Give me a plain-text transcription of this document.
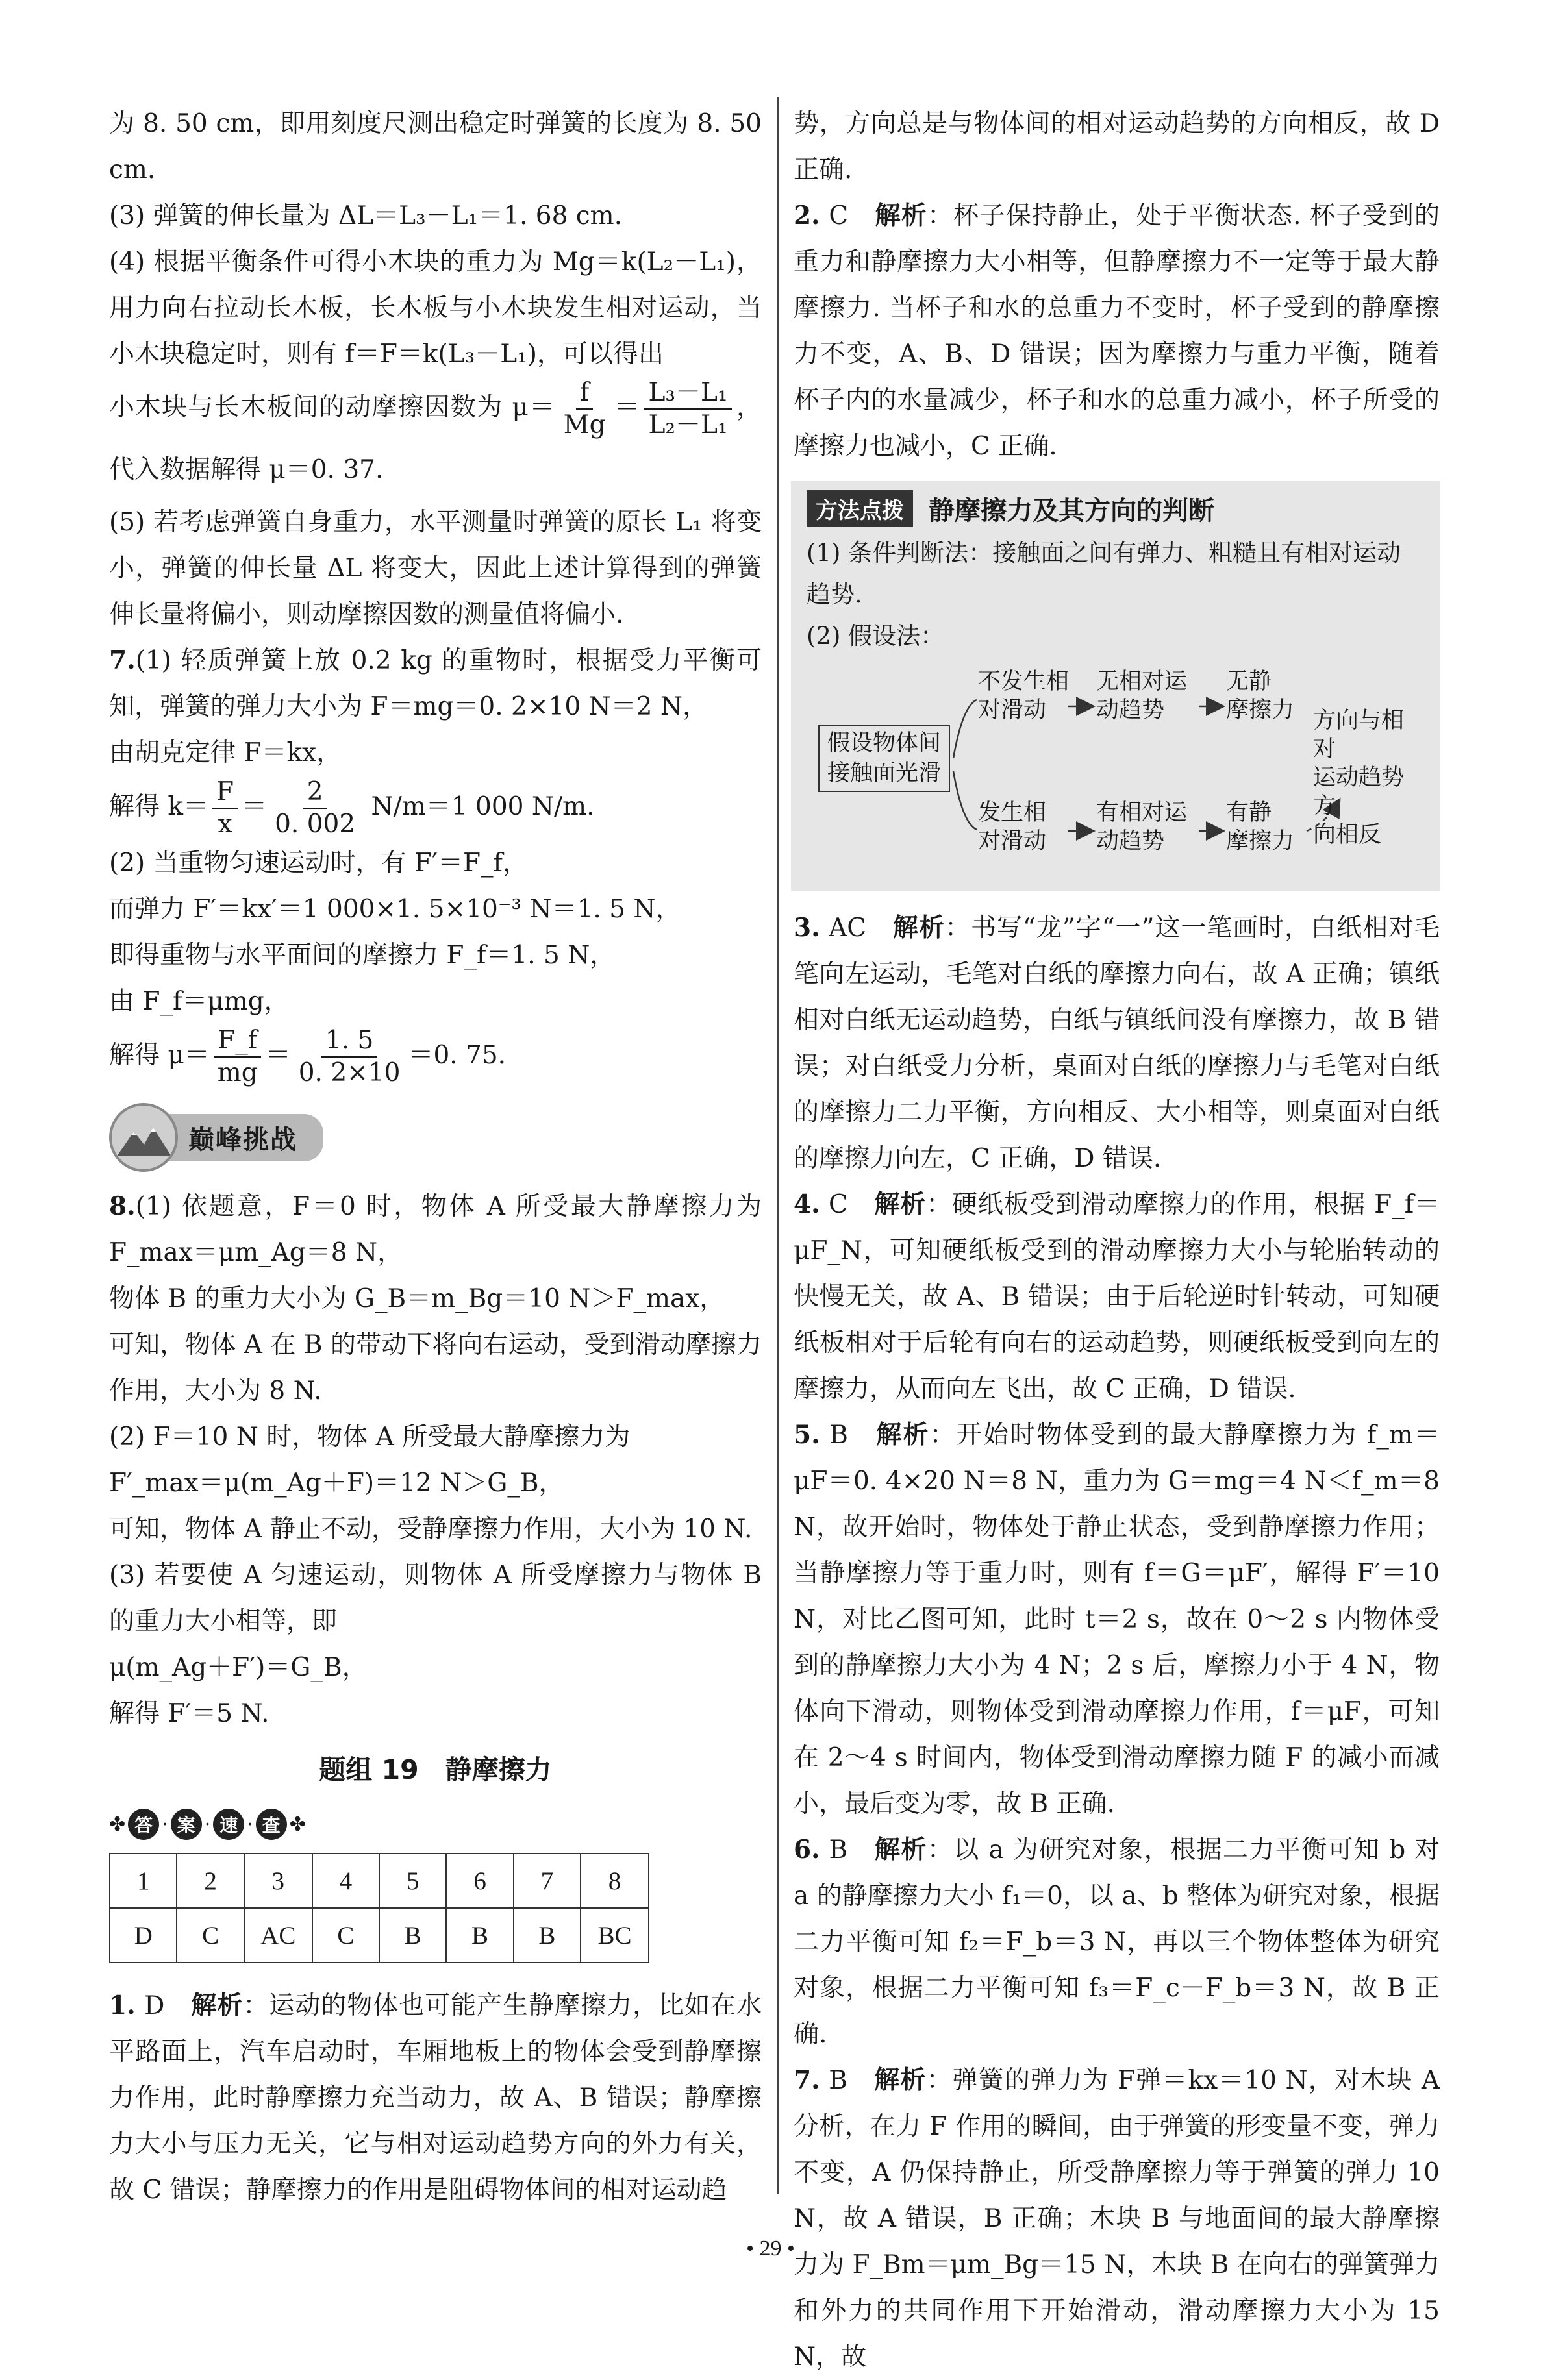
为 8. 50 cm，即用刻度尺测出稳定时弹簧的长度为 8. 50 cm.

(3) 弹簧的伸长量为 ΔL＝L₃－L₁＝1. 68 cm.

(4) 根据平衡条件可得小木块的重力为 Mg＝k(L₂－L₁)，用力向右拉动长木板，长木板与小木块发生相对运动，当小木块稳定时，则有 f＝F＝k(L₃－L₁)，可以得出

小木块与长木板间的动摩擦因数为 $\mu= \frac{f}{Mg} = \frac{\text{L₃－L₁}}{\text{L₂－L₁}}$ ，代入数据解得 μ＝0. 37.

(5) 若考虑弹簧自身重力，水平测量时弹簧的原长 L₁ 将变小，弹簧的伸长量 ΔL 将变大，因此上述计算得到的弹簧伸长量将偏小，则动摩擦因数的测量值将偏小.

7.(1) 轻质弹簧上放 0.2 kg 的重物时，根据受力平衡可知，弹簧的弹力大小为 F＝mg＝0. 2×10 N＝2 N，

由胡克定律 F＝kx，

解得 $k= \frac{F}{x} = \frac{2}{0. 002} N/m=1$ 000 N/m.

(2) 当重物匀速运动时，有 F′＝F_f，

而弹力 F′＝kx′＝1 000×1. 5×10⁻³ N＝1. 5 N，

即得重物与水平面间的摩擦力 F_f＝1. 5 N，

由 F_f＝μmg，

解得 $\mu= \frac{F\_f}{mg} = \frac{1. 5}{0. 2\times 10} =0$. 75.

巅峰挑战

8.(1) 依题意，F＝0 时，物体 A 所受最大静摩擦力为 F_max＝μm_Ag＝8 N，

物体 B 的重力大小为 G_B＝m_Bg＝10 N＞F_max，

可知，物体 A 在 B 的带动下将向右运动，受到滑动摩擦力作用，大小为 8 N.

(2) F＝10 N 时，物体 A 所受最大静摩擦力为

F′_max＝μ(m_Ag＋F)＝12 N＞G_B，

可知，物体 A 静止不动，受静摩擦力作用，大小为 10 N.

(3) 若要使 A 匀速运动，则物体 A 所受摩擦力与物体 B 的重力大小相等，即

μ(m_Ag＋F′)＝G_B，

解得 F′＝5 N.

题组 19　静摩擦力
✤ 答 · 案 · 速 · 查 ✤
1	2	3	4	5	6	7	8
D	C	AC	C	B	B	B	BC

1. D　 解析：运动的物体也可能产生静摩擦力，比如在水平路面上，汽车启动时，车厢地板上的物体会受到静摩擦力作用，此时静摩擦力充当动力，故 A、B 错误；静摩擦力大小与压力无关，它与相对运动趋势方向的外力有关，故 C 错误；静摩擦力的作用是阻碍物体间的相对运动趋

势，方向总是与物体间的相对运动趋势的方向相反，故 D 正确.

2. C　 解析：杯子保持静止，处于平衡状态. 杯子受到的重力和静摩擦力大小相等，但静摩擦力不一定等于最大静摩擦力. 当杯子和水的总重力不变时，杯子受到的静摩擦力不变，A、B、D 错误；因为摩擦力与重力平衡，随着杯子内的水量减少，杯子和水的总重力减小，杯子所受的摩擦力也减小，C 正确.

方法点拨 静摩擦力及其方向的判断

(1) 条件判断法：接触面之间有弹力、粗糙且有相对运动趋势.

(2) 假设法：

假设物体间
接触面光滑
不发生相
对滑动
无相对运
动趋势
无静
摩擦力
发生相
对滑动
有相对运
动趋势
有静
摩擦力
方向与相对
运动趋势方
向相反

3. AC　 解析：书写“龙”字“一”这一笔画时，白纸相对毛笔向左运动，毛笔对白纸的摩擦力向右，故 A 正确；镇纸相对白纸无运动趋势，白纸与镇纸间没有摩擦力，故 B 错误；对白纸受力分析，桌面对白纸的摩擦力与毛笔对白纸的摩擦力二力平衡，方向相反、大小相等，则桌面对白纸的摩擦力向左，C 正确，D 错误.

4. C　 解析：硬纸板受到滑动摩擦力的作用，根据 F_f＝μF_N，可知硬纸板受到的滑动摩擦力大小与轮胎转动的快慢无关，故 A、B 错误；由于后轮逆时针转动，可知硬纸板相对于后轮有向右的运动趋势，则硬纸板受到向左的摩擦力，从而向左飞出，故 C 正确，D 错误.

5. B　 解析：开始时物体受到的最大静摩擦力为 f_m＝μF＝0. 4×20 N＝8 N，重力为 G＝mg＝4 N＜f_m＝8 N，故开始时，物体处于静止状态，受到静摩擦力作用；当静摩擦力等于重力时，则有 f＝G＝μF′，解得 F′＝10 N，对比乙图可知，此时 t＝2 s，故在 0～2 s 内物体受到的静摩擦力大小为 4 N；2 s 后，摩擦力小于 4 N，物体向下滑动，则物体受到滑动摩擦力作用，f＝μF，可知在 2～4 s 时间内，物体受到滑动摩擦力随 F 的减小而减小，最后变为零，故 B 正确.

6. B　 解析：以 a 为研究对象，根据二力平衡可知 b 对 a 的静摩擦力大小 f₁＝0，以 a、b 整体为研究对象，根据二力平衡可知 f₂＝F_b＝3 N，再以三个物体整体为研究对象，根据二力平衡可知 f₃＝F_c－F_b＝3 N，故 B 正确.

7. B　 解析：弹簧的弹力为 F弹＝kx＝10 N，对木块 A 分析，在力 F 作用的瞬间，由于弹簧的形变量不变，弹力不变，A 仍保持静止，所受静摩擦力等于弹簧的弹力 10 N，故 A 错误，B 正确；木块 B 与地面间的最大静摩擦力为 F_Bm＝μm_Bg＝15 N，木块 B 在向右的弹簧弹力和外力的共同作用下开始滑动，滑动摩擦力大小为 15 N，故

• 29 •
